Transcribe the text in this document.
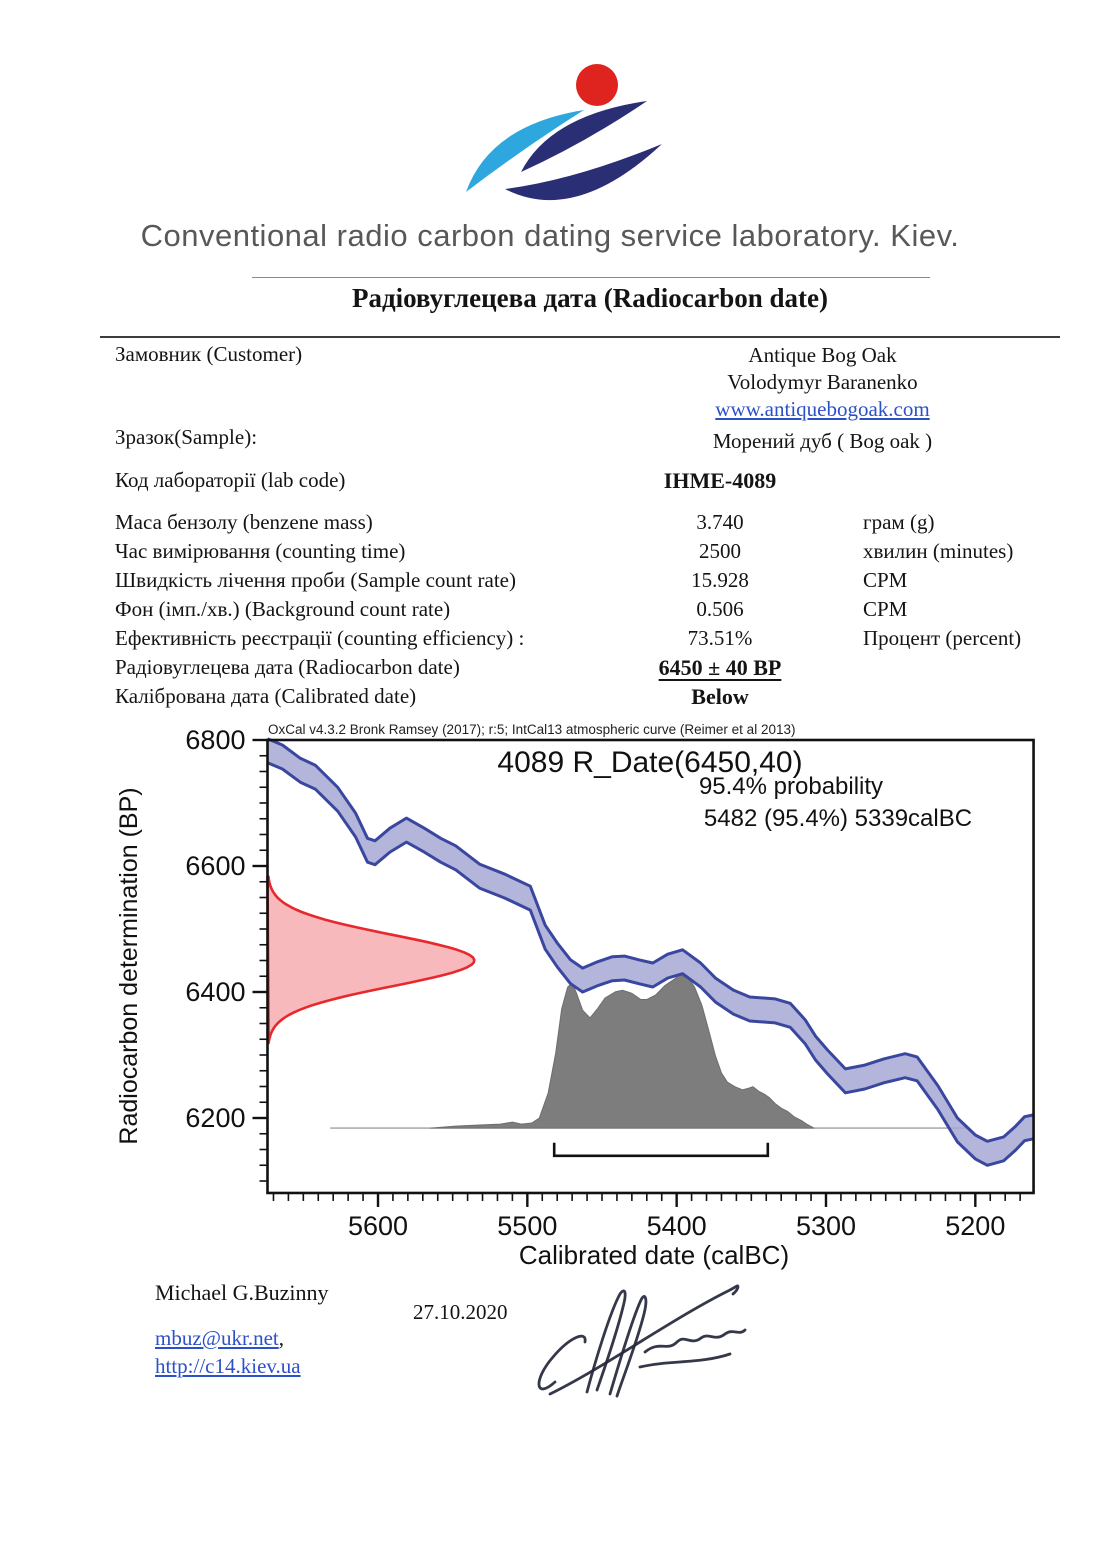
Conventional radio carbon dating service laboratory. Kiev.
Радіовуглецева дата (Radiocarbon date)
Замовник (Customer)	Antique Bog Oak
Volodymyr Baranenko
www.antiquebogoak.com
Зразок(Sample):	Морений дуб ( Bog oak )
Код лабораторії (lab code)	IHME-4089
Маса бензолу (benzene mass)	3.740	грам (g)
Час вимірювання (counting time)	2500	хвилин (minutes)
Швидкість лічення проби (Sample count rate)	15.928	CPM
Фон (імп./хв.) (Background count rate)	0.506	CPM
Ефективність реєстрації (counting efficiency) :	73.51%	Процент (percent)
Радіовуглецева дата (Radiocarbon date)	6450 ± 40 BP
Калібрована дата (Calibrated date)	Below
6800
6600
6400
6200
5600	5500	5400	5300	5200
OxCal v4.3.2 Bronk Ramsey (2017); r:5; IntCal13 atmospheric curve (Reimer et al 2013)
4089 R_Date(6450,40)
95.4% probability
5482 (95.4%) 5339calBC
Calibrated date (calBC)
Radiocarbon determination (BP)
Michael G.Buzinny
27.10.2020
mbuz@ukr.net,
http://c14.kiev.ua
